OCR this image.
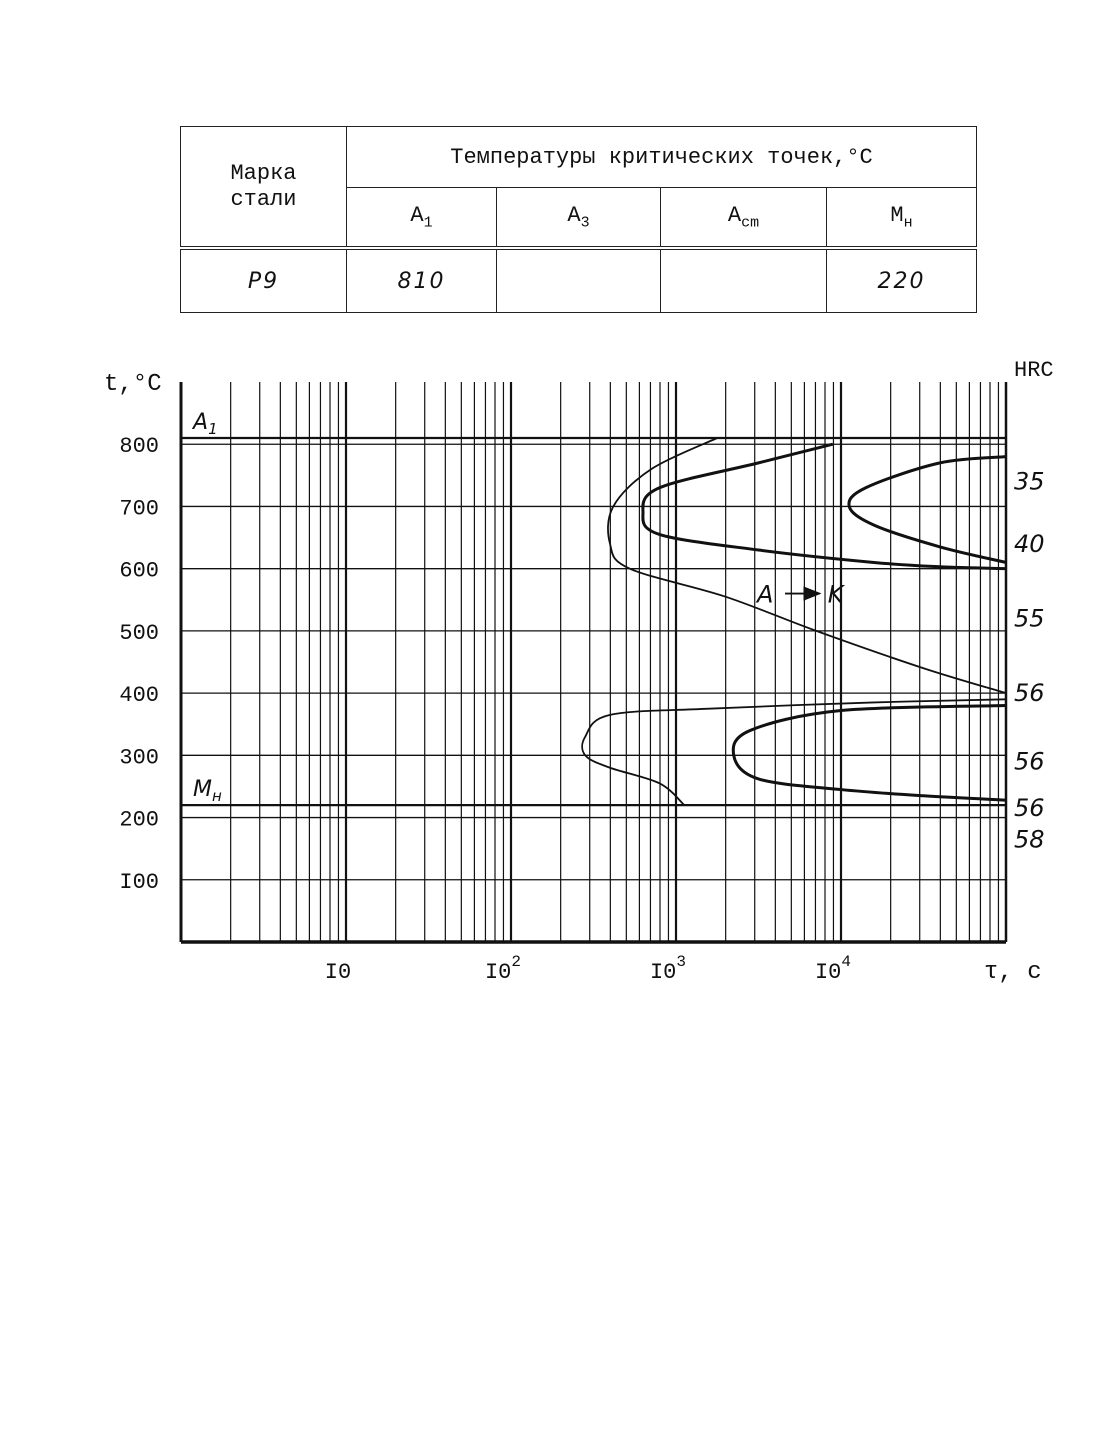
Марка стали	Температуры критических точек,°С			
	$A_1$	$A_3$	$A_{cm}$	$M_н$
Р9	810			220
$A_1$
$M_н$
800
700
600
500
400
300
200
I00
I0	$I0^2$	$I0^3$	$I0^4$
t,°C
τ, с
HRC
35
40
55
56
56
56
58
A K
